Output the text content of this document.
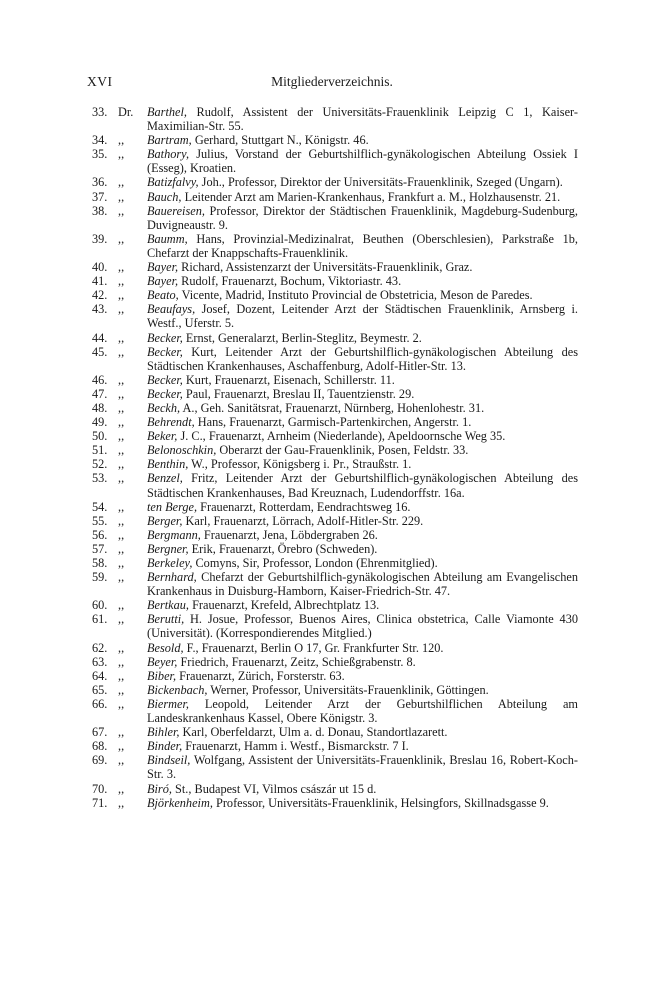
XVI	Mitgliederverzeichnis.
33. Dr.	Barthel, Rudolf, Assistent der Universitäts-Frauenklinik Leipzig C 1, Kaiser-Maximilian-Str. 55.
34. ,,	Bartram, Gerhard, Stuttgart N., Königstr. 46.
35. ,,	Bathory, Julius, Vorstand der Geburtshilflich-gynäkologischen Abteilung Ossiek I (Esseg), Kroatien.
36. ,,	Batizfalvy, Joh., Professor, Direktor der Universitäts-Frauenklinik, Szeged (Ungarn).
37. ,,	Bauch, Leitender Arzt am Marien-Krankenhaus, Frankfurt a. M., Holzhausenstr. 21.
38. ,,	Bauereisen, Professor, Direktor der Städtischen Frauenklinik, Magdeburg-Sudenburg, Duvigneaustr. 9.
39. ,,	Baumm, Hans, Provinzial-Medizinalrat, Beuthen (Oberschlesien), Parkstraße 1b, Chefarzt der Knappschafts-Frauenklinik.
40. ,,	Bayer, Richard, Assistenzarzt der Universitäts-Frauenklinik, Graz.
41. ,,	Bayer, Rudolf, Frauenarzt, Bochum, Viktoriastr. 43.
42. ,,	Beato, Vicente, Madrid, Instituto Provincial de Obstetricia, Meson de Paredes.
43. ,,	Beaufays, Josef, Dozent, Leitender Arzt der Städtischen Frauenklinik, Arnsberg i. Westf., Uferstr. 5.
44. ,,	Becker, Ernst, Generalarzt, Berlin-Steglitz, Beymestr. 2.
45. ,,	Becker, Kurt, Leitender Arzt der Geburtshilflich-gynäkologischen Abteilung des Städtischen Krankenhauses, Aschaffenburg, Adolf-Hitler-Str. 13.
46. ,,	Becker, Kurt, Frauenarzt, Eisenach, Schillerstr. 11.
47. ,,	Becker, Paul, Frauenarzt, Breslau II, Tauentzienstr. 29.
48. ,,	Beckh, A., Geh. Sanitätsrat, Frauenarzt, Nürnberg, Hohenlohestr. 31.
49. ,,	Behrendt, Hans, Frauenarzt, Garmisch-Partenkirchen, Angerstr. 1.
50. ,,	Beker, J. C., Frauenarzt, Arnheim (Niederlande), Apeldoornsche Weg 35.
51. ,,	Belonoschkin, Oberarzt der Gau-Frauenklinik, Posen, Feldstr. 33.
52. ,,	Benthin, W., Professor, Königsberg i. Pr., Straußstr. 1.
53. ,,	Benzel, Fritz, Leitender Arzt der Geburtshilflich-gynäkologischen Abteilung des Städtischen Krankenhauses, Bad Kreuznach, Ludendorffstr. 16a.
54. ,,	ten Berge, Frauenarzt, Rotterdam, Eendrachtsweg 16.
55. ,,	Berger, Karl, Frauenarzt, Lörrach, Adolf-Hitler-Str. 229.
56. ,,	Bergmann, Frauenarzt, Jena, Löbdergraben 26.
57. ,,	Bergner, Erik, Frauenarzt, Örebro (Schweden).
58. ,,	Berkeley, Comyns, Sir, Professor, London (Ehrenmitglied).
59. ,,	Bernhard, Chefarzt der Geburtshilflich-gynäkologischen Abteilung am Evangelischen Krankenhaus in Duisburg-Hamborn, Kaiser-Friedrich-Str. 47.
60. ,,	Bertkau, Frauenarzt, Krefeld, Albrechtplatz 13.
61. ,,	Berutti, H. Josue, Professor, Buenos Aires, Clinica obstetrica, Calle Viamonte 430 (Universität). (Korrespondierendes Mitglied.)
62. ,,	Besold, F., Frauenarzt, Berlin O 17, Gr. Frankfurter Str. 120.
63. ,,	Beyer, Friedrich, Frauenarzt, Zeitz, Schießgrabenstr. 8.
64. ,,	Biber, Frauenarzt, Zürich, Forsterstr. 63.
65. ,,	Bickenbach, Werner, Professor, Universitäts-Frauenklinik, Göttingen.
66. ,,	Biermer, Leopold, Leitender Arzt der Geburtshilflichen Abteilung am Landeskrankenhaus Kassel, Obere Königstr. 3.
67. ,,	Bihler, Karl, Oberfeldarzt, Ulm a. d. Donau, Standortlazarett.
68. ,,	Binder, Frauenarzt, Hamm i. Westf., Bismarckstr. 7 I.
69. ,,	Bindseil, Wolfgang, Assistent der Universitäts-Frauenklinik, Breslau 16, Robert-Koch-Str. 3.
70. ,,	Biró, St., Budapest VI, Vilmos császár ut 15 d.
71. ,,	Björkenheim, Professor, Universitäts-Frauenklinik, Helsingfors, Skillnadsgasse 9.
